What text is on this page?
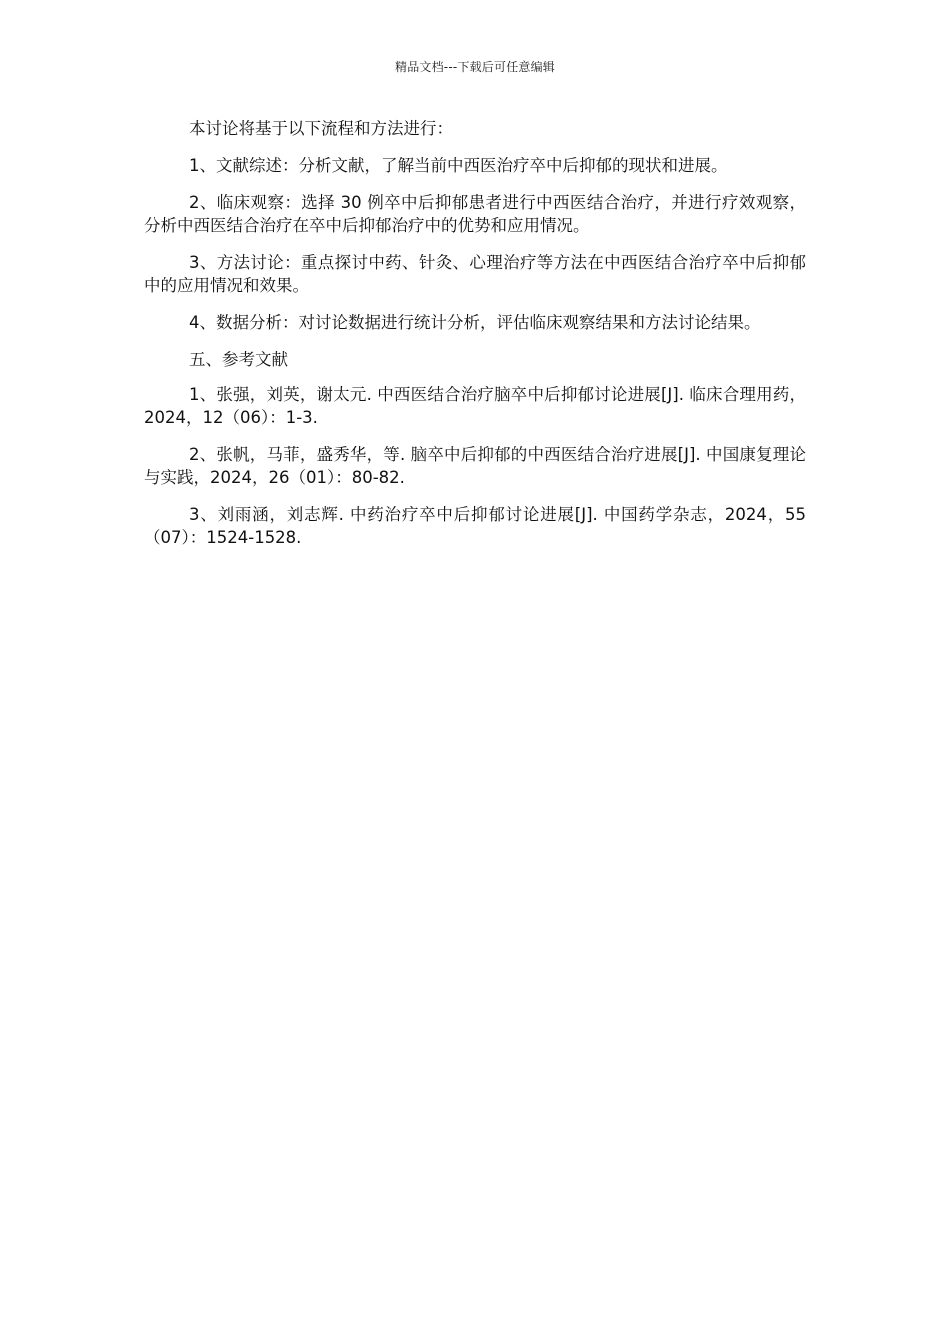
精品文档---下载后可任意编辑

本讨论将基于以下流程和方法进行：

1、文献综述：分析文献，了解当前中西医治疗卒中后抑郁的现状和进展。

2、临床观察：选择 30 例卒中后抑郁患者进行中西医结合治疗，并进行疗效观察，分析中西医结合治疗在卒中后抑郁治疗中的优势和应用情况。

3、方法讨论：重点探讨中药、针灸、心理治疗等方法在中西医结合治疗卒中后抑郁中的应用情况和效果。

4、数据分析：对讨论数据进行统计分析，评估临床观察结果和方法讨论结果。

五、参考文献

1、张强，刘英，谢太元. 中西医结合治疗脑卒中后抑郁讨论进展[J]. 临床合理用药，2024，12（06）：1-3.

2、张帆，马菲，盛秀华，等. 脑卒中后抑郁的中西医结合治疗进展[J]. 中国康复理论与实践，2024，26（01）：80-82.

3、刘雨涵，刘志辉. 中药治疗卒中后抑郁讨论进展[J]. 中国药学杂志，2024，55（07）：1524-1528.
